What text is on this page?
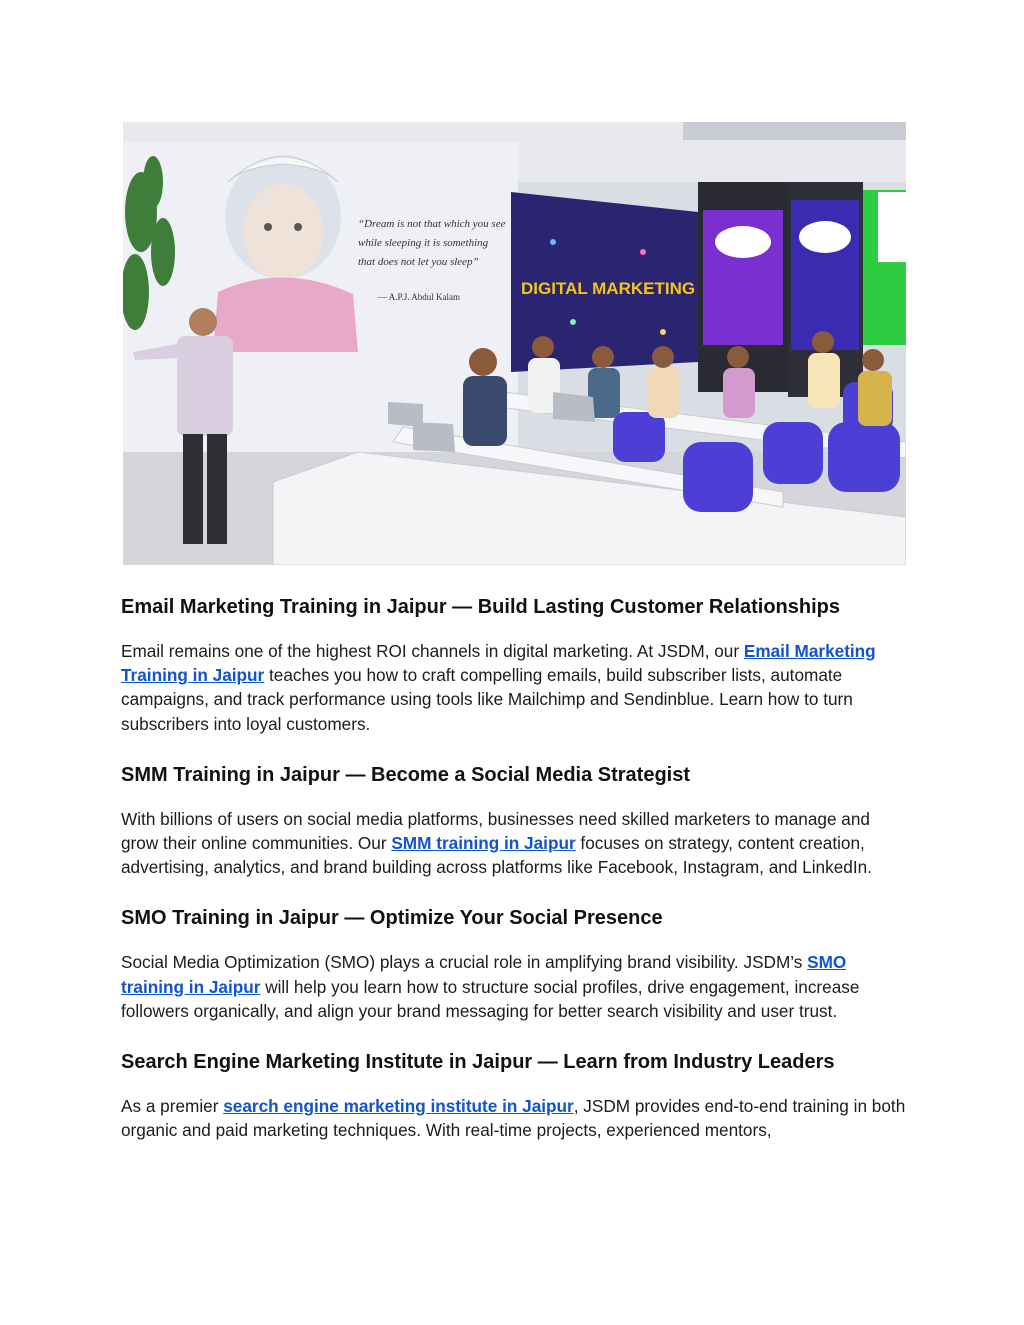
“Dream is not that which you see
while sleeping it is something
that does not let you sleep”
— A.P.J. Abdul Kalam	DIGITAL MARKETING
Email Marketing Training in Jaipur — Build Lasting Customer Relationships

Email remains one of the highest ROI channels in digital marketing. At JSDM, our Email Marketing Training in Jaipur teaches you how to craft compelling emails, build subscriber lists, automate campaigns, and track performance using tools like Mailchimp and Sendinblue. Learn how to turn subscribers into loyal customers.

SMM Training in Jaipur — Become a Social Media Strategist

With billions of users on social media platforms, businesses need skilled marketers to manage and grow their online communities. Our SMM training in Jaipur focuses on strategy, content creation, advertising, analytics, and brand building across platforms like Facebook, Instagram, and LinkedIn.

SMO Training in Jaipur — Optimize Your Social Presence

Social Media Optimization (SMO) plays a crucial role in amplifying brand visibility. JSDM’s SMO training in Jaipur will help you learn how to structure social profiles, drive engagement, increase followers organically, and align your brand messaging for better search visibility and user trust.

Search Engine Marketing Institute in Jaipur — Learn from Industry Leaders

As a premier search engine marketing institute in Jaipur, JSDM provides end-to-end training in both organic and paid marketing techniques. With real-time projects, experienced mentors,
